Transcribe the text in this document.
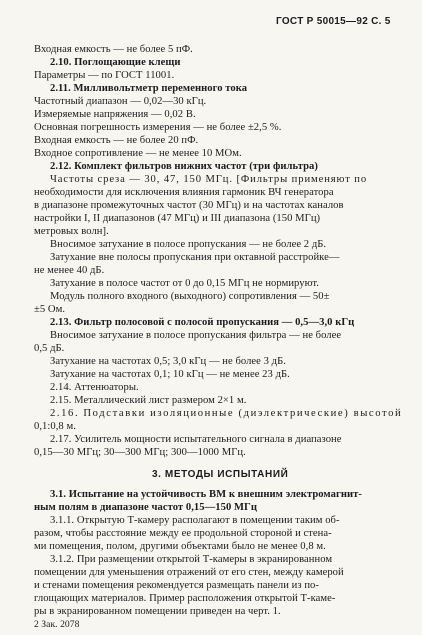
ГОСТ Р 50015—92 С. 5
Входная емкость — не более 5 пФ.
2.10. Поглощающие клещи
Параметры — по ГОСТ 11001.
2.11. Милливольтметр переменного тока
Частотный диапазон — 0,02—30 кГц.
Измеряемые напряжения — 0,02 В.
Основная погрешность измерения — не более ±2,5 %.
Входная емкость — не более 20 пФ.
Входное сопротивление — не менее 10 МОм.
2.12. Комплект фильтров нижних частот (три фильтра)
Частоты среза — 30, 47, 150 МГц. [Фильтры применяют по
необходимости для исключения влияния гармоник ВЧ генератора
в диапазоне промежуточных частот (30 МГц) и на частотах каналов
настройки I, II диапазонов (47 МГц) и III диапазона (150 МГц)
метровых волн].
Вносимое затухание в полосе пропускания — не более 2 дБ.
Затухание вне полосы пропускания при октавной расстройке—
не менее 40 дБ.
Затухание в полосе частот от 0 до 0,15 МГц не нормируют.
Модуль полного входного (выходного) сопротивления — 50±
±5 Ом.
2.13. Фильтр полосовой с полосой пропускания — 0,5—3,0 кГц
Вносимое затухание в полосе пропускания фильтра — не более
0,5 дБ.
Затухание на частотах 0,5; 3,0 кГц — не более 3 дБ.
Затухание на частотах 0,1; 10 кГц — не менее 23 дБ.
2.14. Аттенюаторы.
2.15. Металлический лист размером 2×1 м.
2.16. Подставки изоляционные (диэлектрические) высотой
0,1:0,8 м.
2.17. Усилитель мощности испытательного сигнала в диапазоне
0,15—30 МГц; 30—300 МГц; 300—1000 МГц.
3. МЕТОДЫ ИСПЫТАНИЙ
3.1. Испытание на устойчивость ВМ к внешним электромагнит-
ным полям в диапазоне частот 0,15—150 МГц
3.1.1. Открытую Т-камеру располагают в помещении таким об-
разом, чтобы расстояние между ее продольной стороной и стена-
ми помещения, полом, другими объектами было не менее 0,8 м.
3.1.2. При размещении открытой Т-камеры в экранированном
помещении для уменьшения отражений от его стен, между камерой
и стенами помещения рекомендуется размещать панели из по-
глощающих материалов. Пример расположения открытой Т-каме-
ры в экранированном помещении приведен на черт. 1.
2 Зак. 2078
